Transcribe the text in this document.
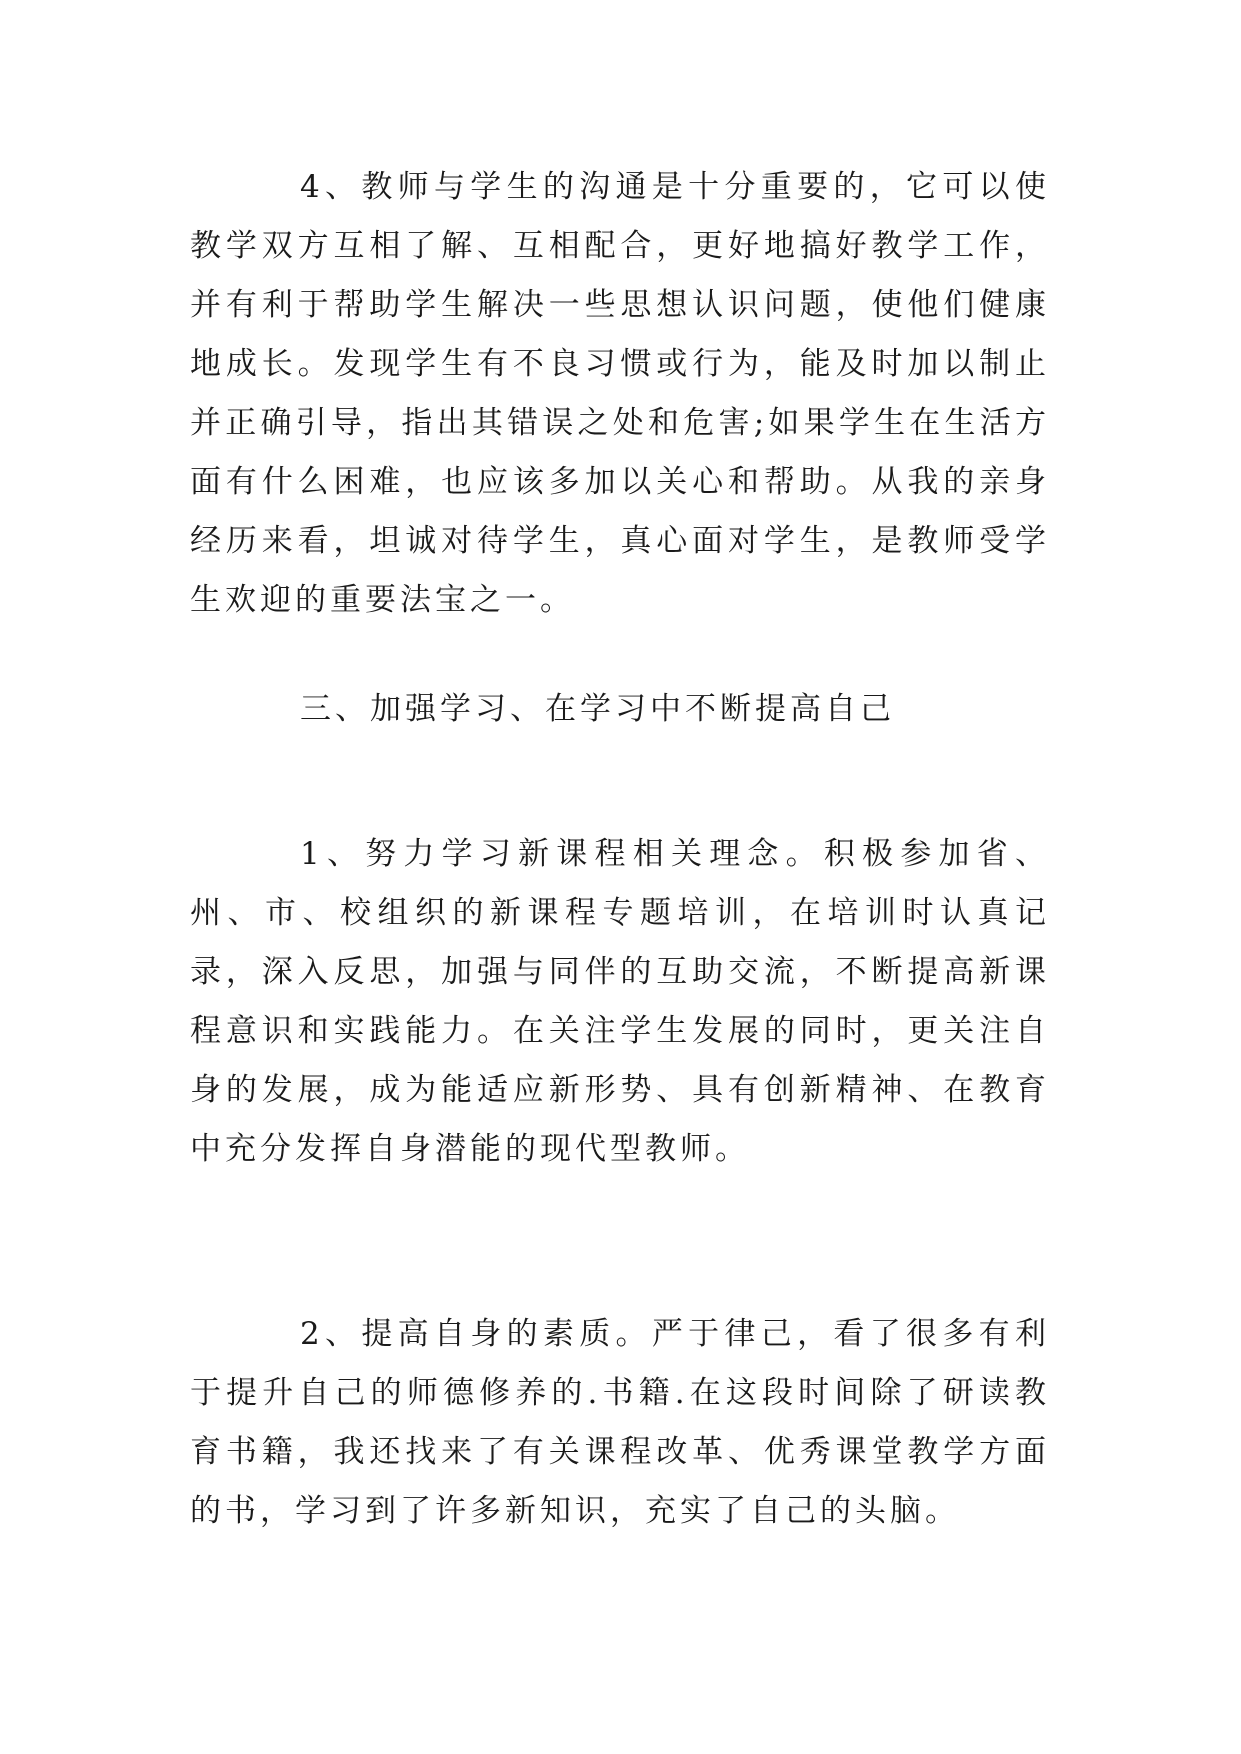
4、教师与学生的沟通是十分重要的，它可以使教学双方互相了解、互相配合，更好地搞好教学工作，并有利于帮助学生解决一些思想认识问题，使他们健康地成长。发现学生有不良习惯或行为，能及时加以制止并正确引导，指出其错误之处和危害;如果学生在生活方面有什么困难，也应该多加以关心和帮助。从我的亲身经历来看，坦诚对待学生，真心面对学生，是教师受学生欢迎的重要法宝之一。

三、加强学习、在学习中不断提高自己

1、努力学习新课程相关理念。积极参加省、州、市、校组织的新课程专题培训，在培训时认真记录，深入反思，加强与同伴的互助交流，不断提高新课程意识和实践能力。在关注学生发展的同时，更关注自身的发展，成为能适应新形势、具有创新精神、在教育中充分发挥自身潜能的现代型教师。

2、提高自身的素质。严于律己，看了很多有利于提升自己的师德修养的.书籍.在这段时间除了研读教育书籍，我还找来了有关课程改革、优秀课堂教学方面的书，学习到了许多新知识，充实了自己的头脑。
